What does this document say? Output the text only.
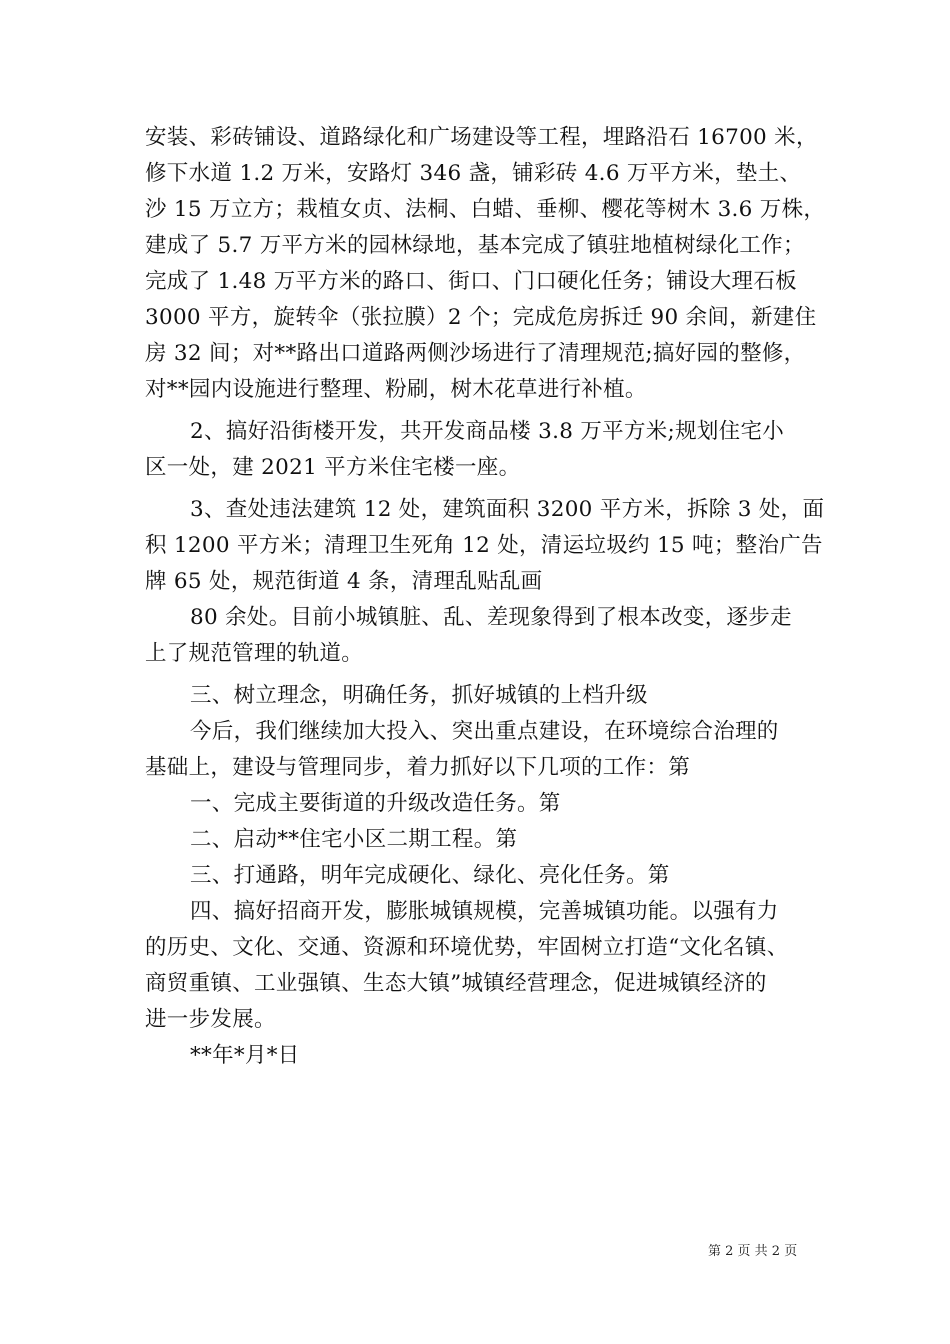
安装、彩砖铺设、道路绿化和广场建设等工程，埋路沿石 16700 米，
修下水道 1.2 万米，安路灯 346 盏，铺彩砖 4.6 万平方米，垫土、
沙 15 万立方；栽植女贞、法桐、白蜡、垂柳、樱花等树木 3.6 万株，
建成了 5.7 万平方米的园林绿地，基本完成了镇驻地植树绿化工作；
完成了 1.48 万平方米的路口、街口、门口硬化任务；铺设大理石板
3000 平方，旋转伞（张拉膜）2 个；完成危房拆迁 90 余间，新建住
房 32 间；对**路出口道路两侧沙场进行了清理规范;搞好园的整修，
对**园内设施进行整理、粉刷，树木花草进行补植。
2、搞好沿街楼开发，共开发商品楼 3.8 万平方米;规划住宅小
区一处，建 2021 平方米住宅楼一座。
3、查处违法建筑 12 处，建筑面积 3200 平方米，拆除 3 处，面
积 1200 平方米；清理卫生死角 12 处，清运垃圾约 15 吨；整治广告
牌 65 处，规范街道 4 条，清理乱贴乱画
80 余处。目前小城镇脏、乱、差现象得到了根本改变，逐步走
上了规范管理的轨道。
三、树立理念，明确任务，抓好城镇的上档升级
今后，我们继续加大投入、突出重点建设，在环境综合治理的
基础上，建设与管理同步，着力抓好以下几项的工作：第
一、完成主要街道的升级改造任务。第
二、启动**住宅小区二期工程。第
三、打通路，明年完成硬化、绿化、亮化任务。第
四、搞好招商开发，膨胀城镇规模，完善城镇功能。以强有力
的历史、文化、交通、资源和环境优势，牢固树立打造“文化名镇、
商贸重镇、工业强镇、生态大镇”城镇经营理念，促进城镇经济的
进一步发展。
**年*月*日
第 2 页 共 2 页
